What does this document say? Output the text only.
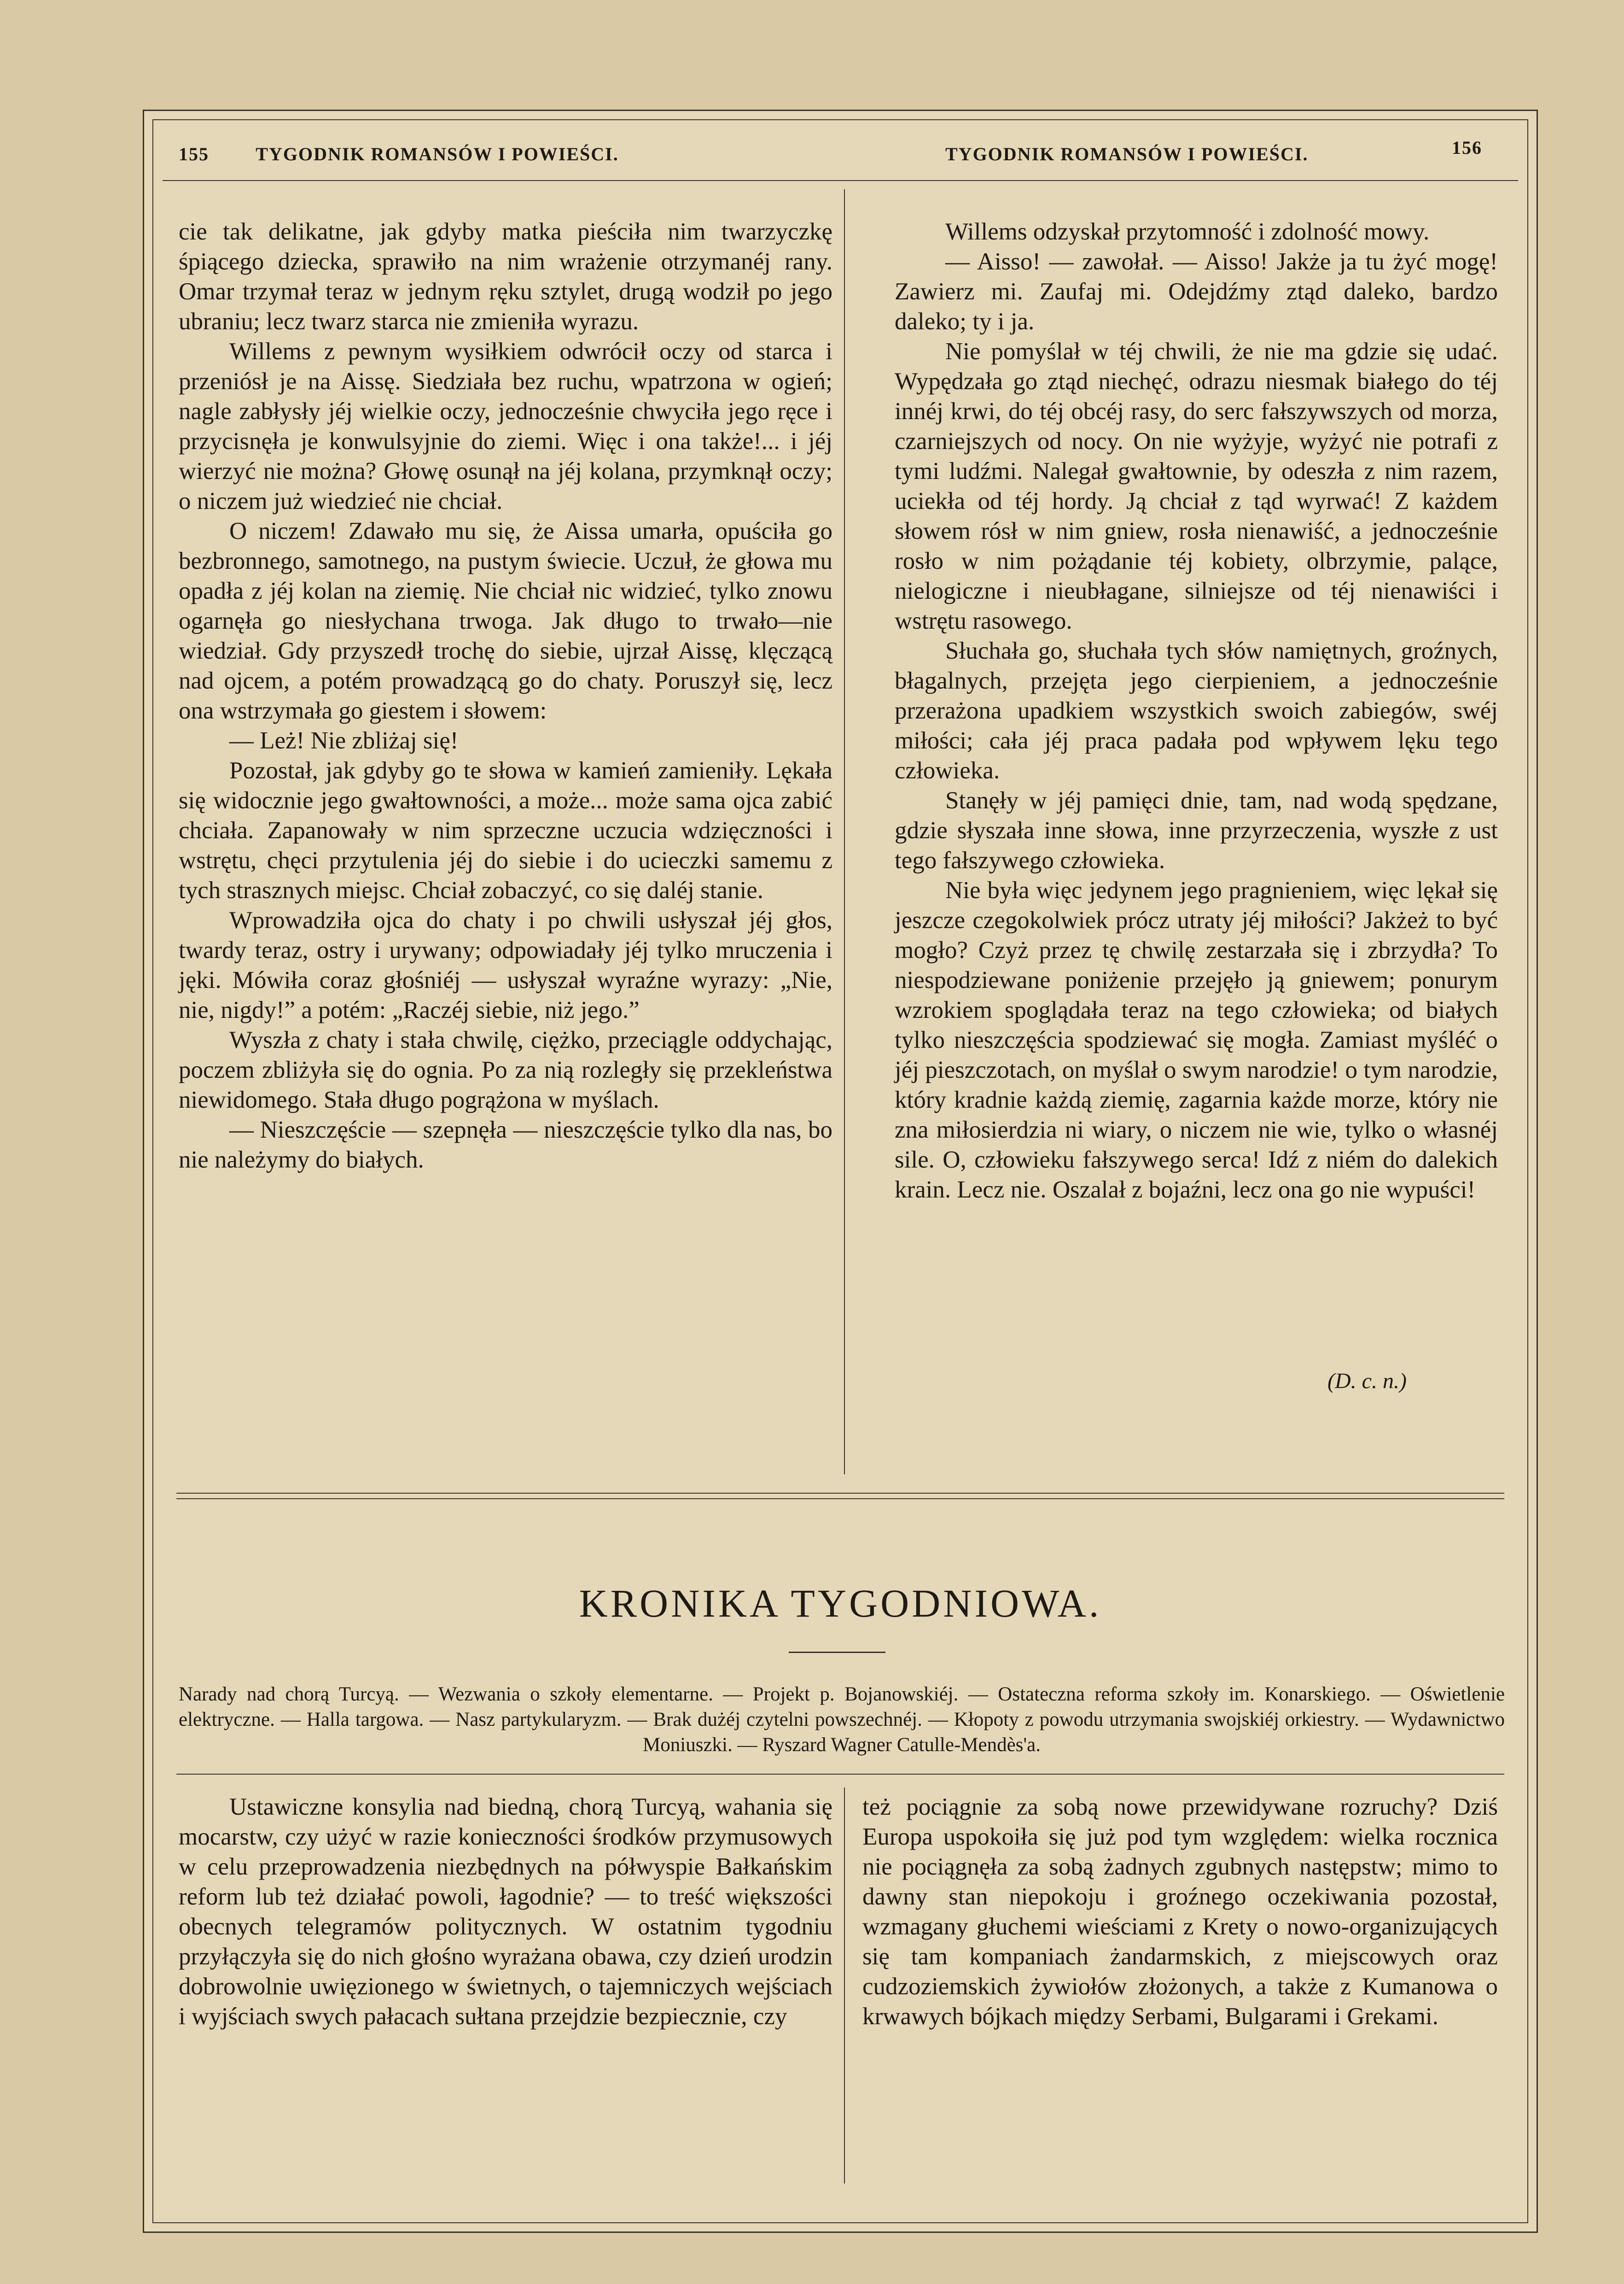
155	TYGODNIK ROMANSÓW I POWIEŚCI.	TYGODNIK ROMANSÓW I POWIEŚCI.	156

cie tak delikatne, jak gdyby matka pieściła nim twarzyczkę śpiącego dziecka, sprawiło na nim wrażenie otrzymanéj rany. Omar trzymał teraz w jednym ręku sztylet, drugą wodził po jego ubraniu; lecz twarz starca nie zmieniła wyrazu.

Willems z pewnym wysiłkiem odwrócił oczy od starca i przeniósł je na Aissę. Siedziała bez ruchu, wpatrzona w ogień; nagle zabłysły jéj wielkie oczy, jednocześnie chwyciła jego ręce i przycisnęła je konwulsyjnie do ziemi. Więc i ona także!... i jéj wierzyć nie można? Głowę osunął na jéj kolana, przymknął oczy; o niczem już wiedzieć nie chciał.

O niczem! Zdawało mu się, że Aissa umarła, opuściła go bezbronnego, samotnego, na pustym świecie. Uczuł, że głowa mu opadła z jéj kolan na ziemię. Nie chciał nic widzieć, tylko znowu ogarnęła go niesłychana trwoga. Jak długo to trwało—nie wiedział. Gdy przyszedł trochę do siebie, ujrzał Aissę, klęczącą nad ojcem, a potém prowadzącą go do chaty. Poruszył się, lecz ona wstrzymała go giestem i słowem:

— Leż! Nie zbliżaj się!

Pozostał, jak gdyby go te słowa w kamień zamieniły. Lękała się widocznie jego gwałtowności, a może... może sama ojca zabić chciała. Zapanowały w nim sprzeczne uczucia wdzięczności i wstrętu, chęci przytulenia jéj do siebie i do ucieczki samemu z tych strasznych miejsc. Chciał zobaczyć, co się daléj stanie.

Wprowadziła ojca do chaty i po chwili usłyszał jéj głos, twardy teraz, ostry i urywany; odpowiadały jéj tylko mruczenia i jęki. Mówiła coraz głośniéj — usłyszał wyraźne wyrazy: „Nie, nie, nigdy!” a potém: „Raczéj siebie, niż jego.”

Wyszła z chaty i stała chwilę, ciężko, przeciągle oddychając, poczem zbliżyła się do ognia. Po za nią rozległy się przekleństwa niewidomego. Stała długo pogrążona w myślach.

— Nieszczęście — szepnęła — nieszczęście tylko dla nas, bo nie należymy do białych.

Willems odzyskał przytomność i zdolność mowy.

— Aisso! — zawołał. — Aisso! Jakże ja tu żyć mogę! Zawierz mi. Zaufaj mi. Odejdźmy ztąd daleko, bardzo daleko; ty i ja.

Nie pomyślał w téj chwili, że nie ma gdzie się udać. Wypędzała go ztąd niechęć, odrazu niesmak białego do téj innéj krwi, do téj obcéj rasy, do serc fałszywszych od morza, czarniejszych od nocy. On nie wyżyje, wyżyć nie potrafi z tymi ludźmi. Nalegał gwałtownie, by odeszła z nim razem, uciekła od téj hordy. Ją chciał z tąd wyrwać! Z każdem słowem rósł w nim gniew, rosła nienawiść, a jednocześnie rosło w nim pożądanie téj kobiety, olbrzymie, palące, nielogiczne i nieubłagane, silniejsze od téj nienawiści i wstrętu rasowego.

Słuchała go, słuchała tych słów namiętnych, groźnych, błagalnych, przejęta jego cierpieniem, a jednocześnie przerażona upadkiem wszystkich swoich zabiegów, swéj miłości; cała jéj praca padała pod wpływem lęku tego człowieka.

Stanęły w jéj pamięci dnie, tam, nad wodą spędzane, gdzie słyszała inne słowa, inne przyrzeczenia, wyszłe z ust tego fałszywego człowieka.

Nie była więc jedynem jego pragnieniem, więc lękał się jeszcze czegokolwiek prócz utraty jéj miłości? Jakżeż to być mogło? Czyż przez tę chwilę zestarzała się i zbrzydła? To niespodziewane poniżenie przejęło ją gniewem; ponurym wzrokiem spoglądała teraz na tego człowieka; od białych tylko nieszczęścia spodziewać się mogła. Zamiast myśléć o jéj pieszczotach, on myślał o swym narodzie! o tym narodzie, który kradnie każdą ziemię, zagarnia każde morze, który nie zna miłosierdzia ni wiary, o niczem nie wie, tylko o własnéj sile. O, człowieku fałszywego serca! Idź z niém do dalekich krain. Lecz nie. Oszalał z bojaźni, lecz ona go nie wypuści!

(D. c. n.)
KRONIKA TYGODNIOWA.
Narady nad chorą Turcyą. — Wezwania o szkoły elementarne. — Projekt p. Bojanowskiéj. — Ostateczna reforma szkoły im. Konarskiego. — Oświetlenie elektryczne. — Halla targowa. — Nasz partykularyzm. — Brak dużéj czytelni powszechnéj. — Kłopoty z powodu utrzymania swojskiéj orkiestry. — Wydawnictwo Moniuszki. — Ryszard Wagner Catulle-Mendès'a.

Ustawiczne konsylia nad biedną, chorą Turcyą, wahania się mocarstw, czy użyć w razie konieczności środków przymusowych w celu przeprowadzenia niezbędnych na półwyspie Bałkańskim reform lub też działać powoli, łagodnie? — to treść większości obecnych telegramów politycznych. W ostatnim tygodniu przyłączyła się do nich głośno wyrażana obawa, czy dzień urodzin dobrowolnie uwięzionego w świetnych, o tajemniczych wejściach i wyjściach swych pałacach sułtana przejdzie bezpiecznie, czy

też pociągnie za sobą nowe przewidywane rozruchy? Dziś Europa uspokoiła się już pod tym względem: wielka rocznica nie pociągnęła za sobą żadnych zgubnych następstw; mimo to dawny stan niepokoju i groźnego oczekiwania pozostał, wzmagany głuchemi wieściami z Krety o nowo-organizujących się tam kompaniach żandarmskich, z miejscowych oraz cudzoziemskich żywiołów złożonych, a także z Kumanowa o krwawych bójkach między Serbami, Bulgarami i Grekami.
